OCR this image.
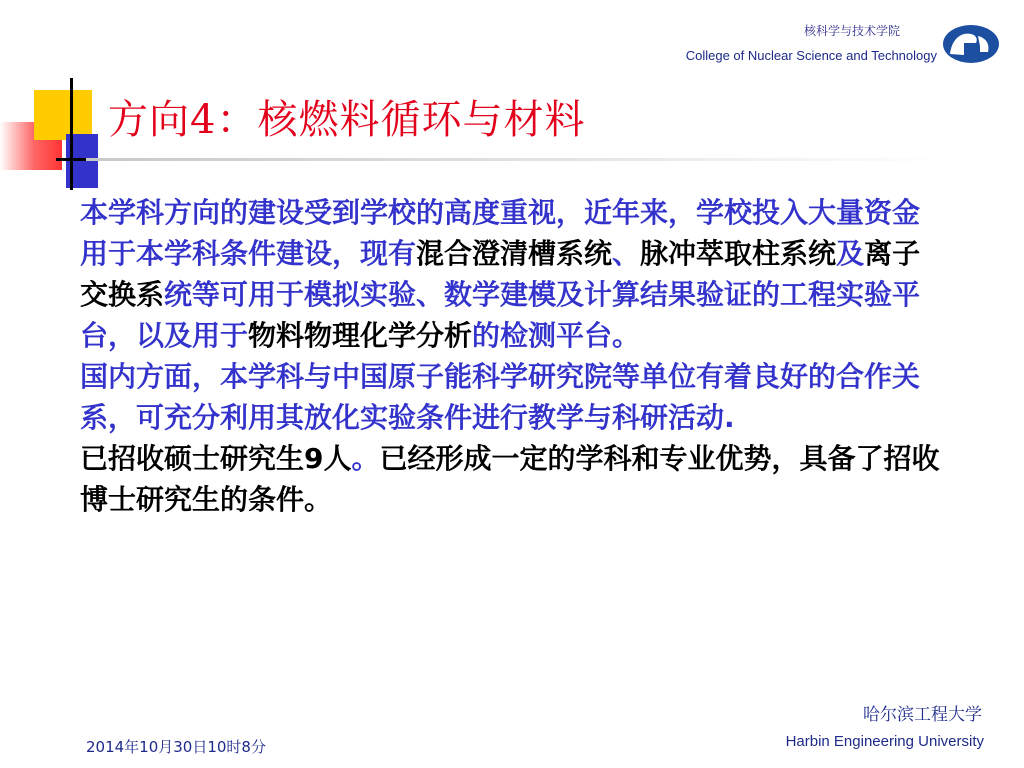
核科学与技术学院
College of Nuclear Science and Technology
方向4：核燃料循环与材料
本学科方向的建设受到学校的高度重视，近年来，学校投入大量资金用于本学科条件建设，现有混合澄清槽系统、脉冲萃取柱系统及离子交换系统等可用于模拟实验、数学建模及计算结果验证的工程实验平台，以及用于物料物理化学分析的检测平台。
国内方面，本学科与中国原子能科学研究院等单位有着良好的合作关系，可充分利用其放化实验条件进行教学与科研活动.
已招收硕士研究生9人。已经形成一定的学科和专业优势，具备了招收博士研究生的条件。
哈尔滨工程大学
Harbin Engineering University
2014年10月30日10时8分
